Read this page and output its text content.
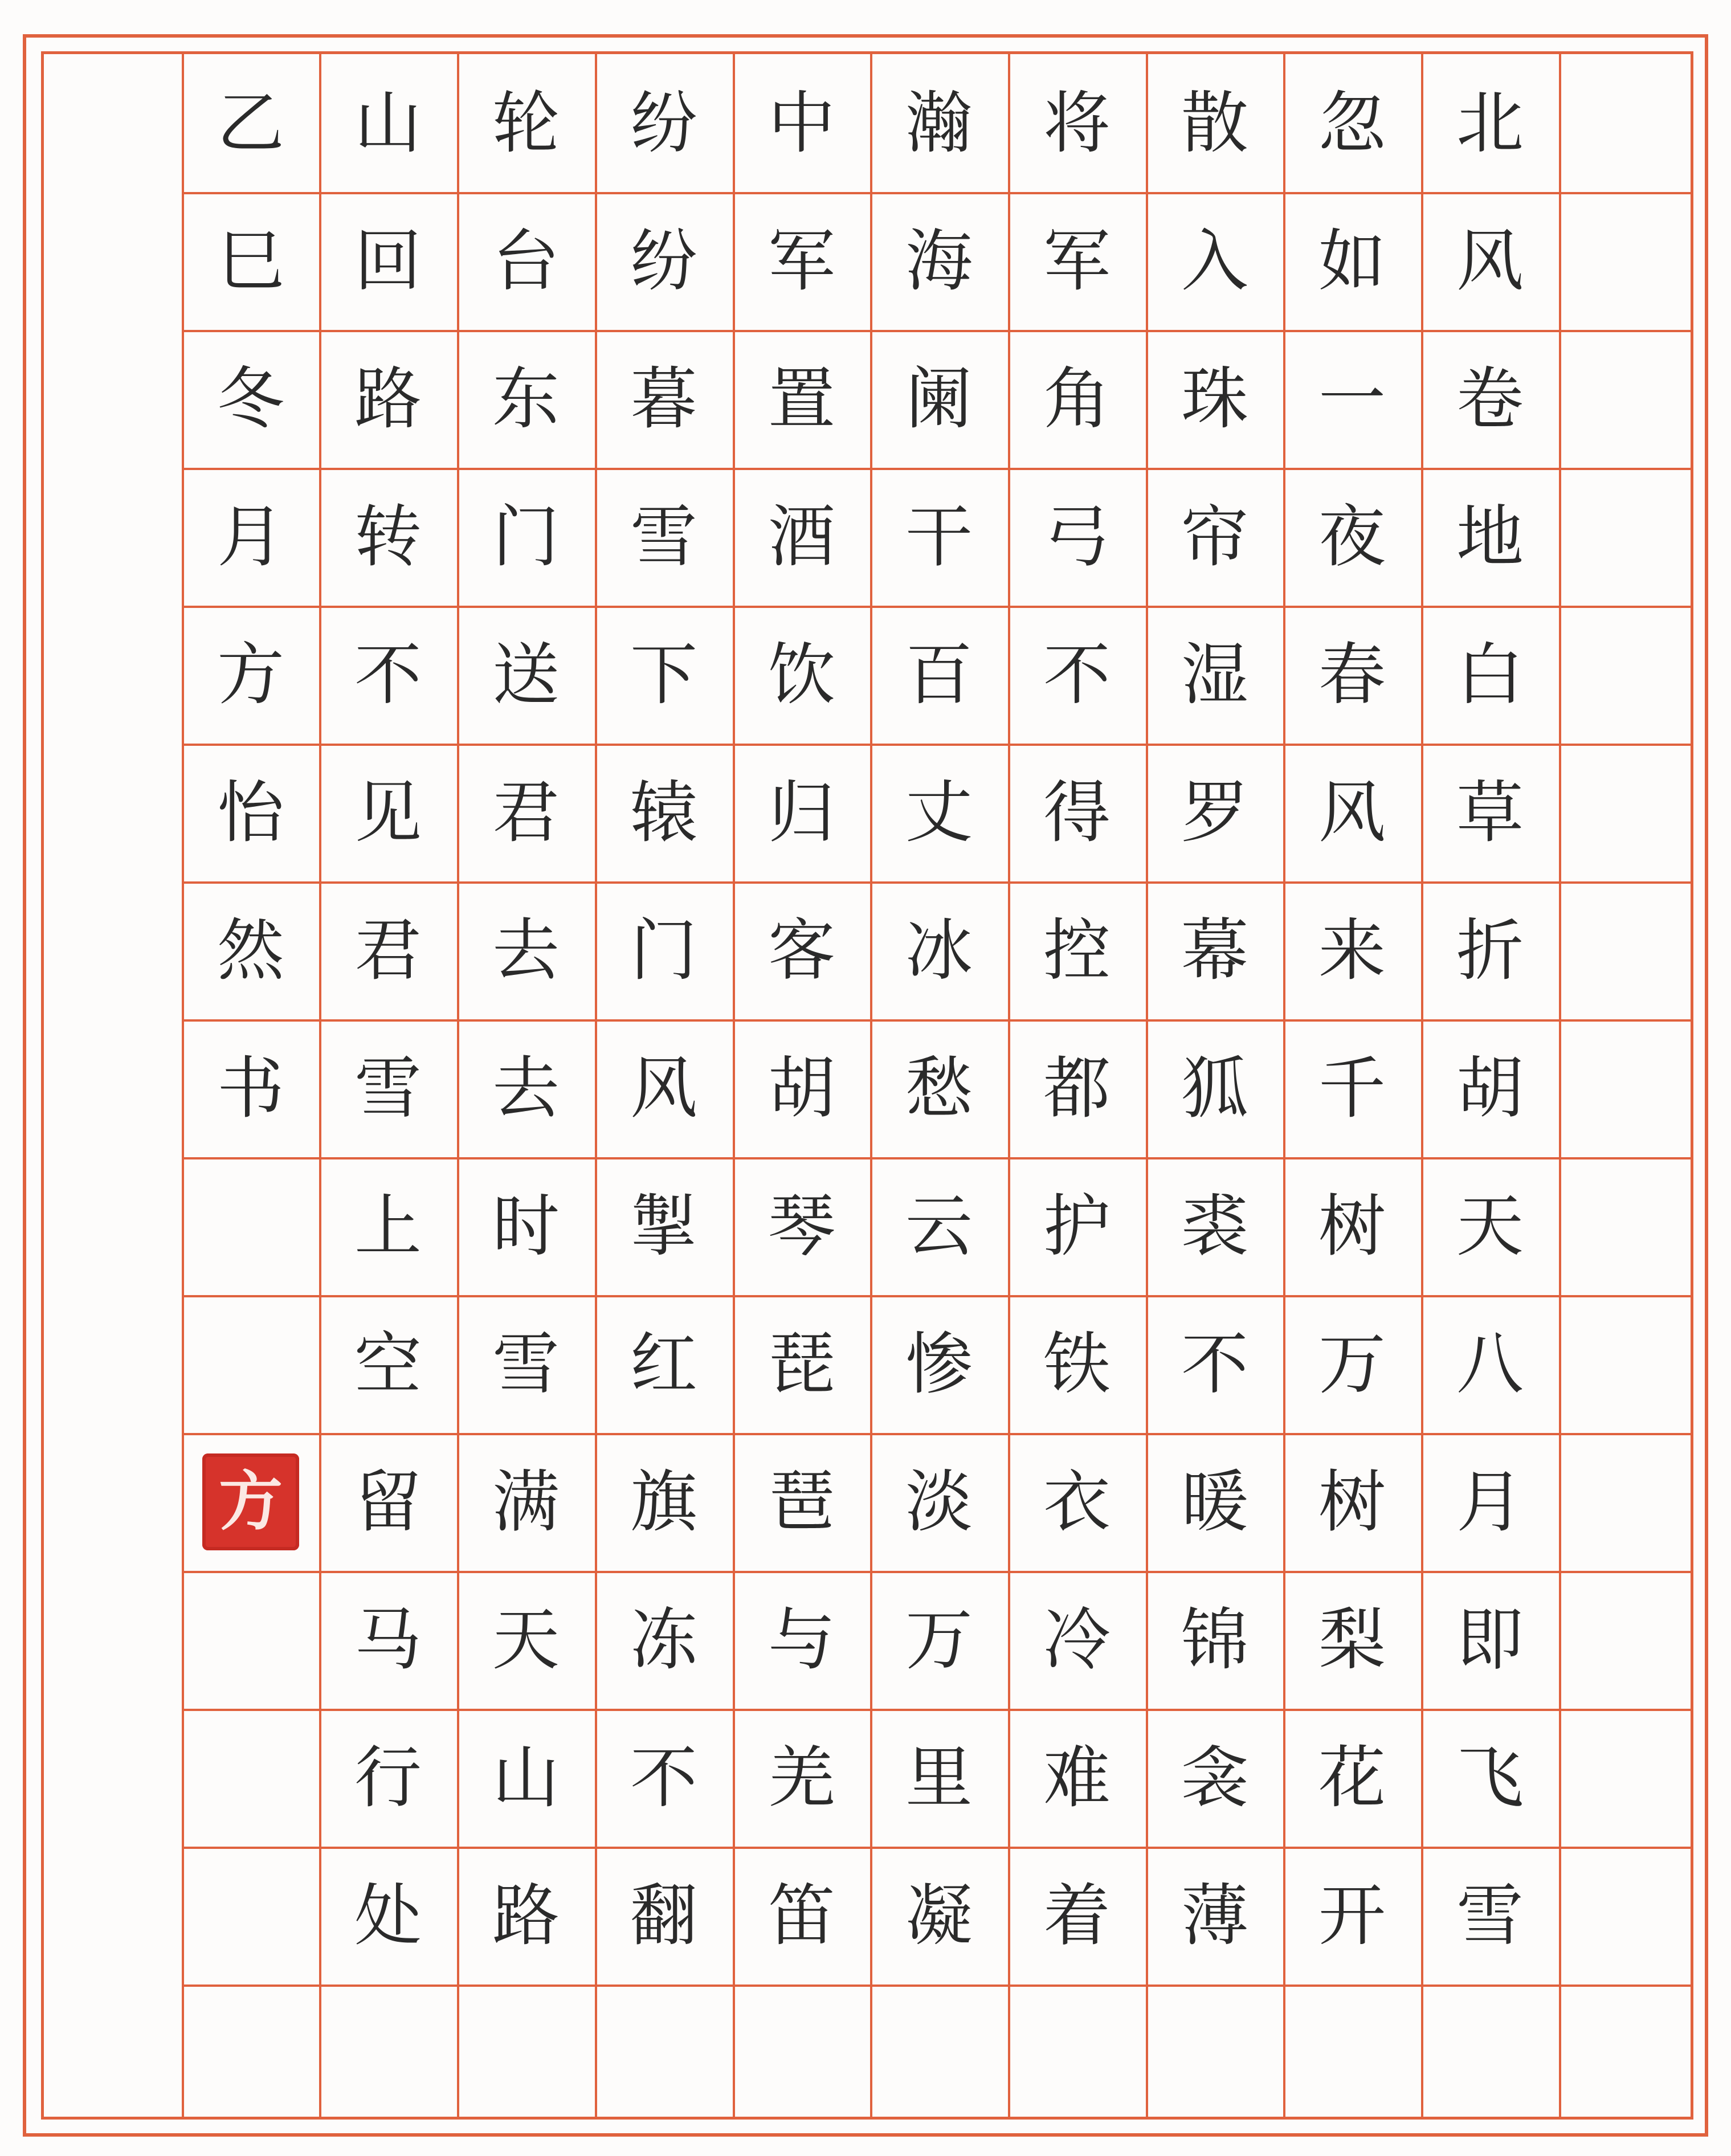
北
风
卷
地
白
草
折
胡
天
八
月
即
飞
雪
忽
如
一
夜
春
风
来
千
树
万
树
梨
花
开
散
入
珠
帘
湿
罗
幕
狐
裘
不
暖
锦
衾
薄
将
军
角
弓
不
得
控
都
护
铁
衣
冷
难
着
瀚
海
阑
干
百
丈
冰
愁
云
惨
淡
万
里
凝
中
军
置
酒
饮
归
客
胡
琴
琵
琶
与
羌
笛
纷
纷
暮
雪
下
辕
门
风
掣
红
旗
冻
不
翻
轮
台
东
门
送
君
去
去
时
雪
满
天
山
路
山
回
路
转
不
见
君
雪
上
空
留
马
行
处
乙
巳
冬
月
方
怡
然
书
方
